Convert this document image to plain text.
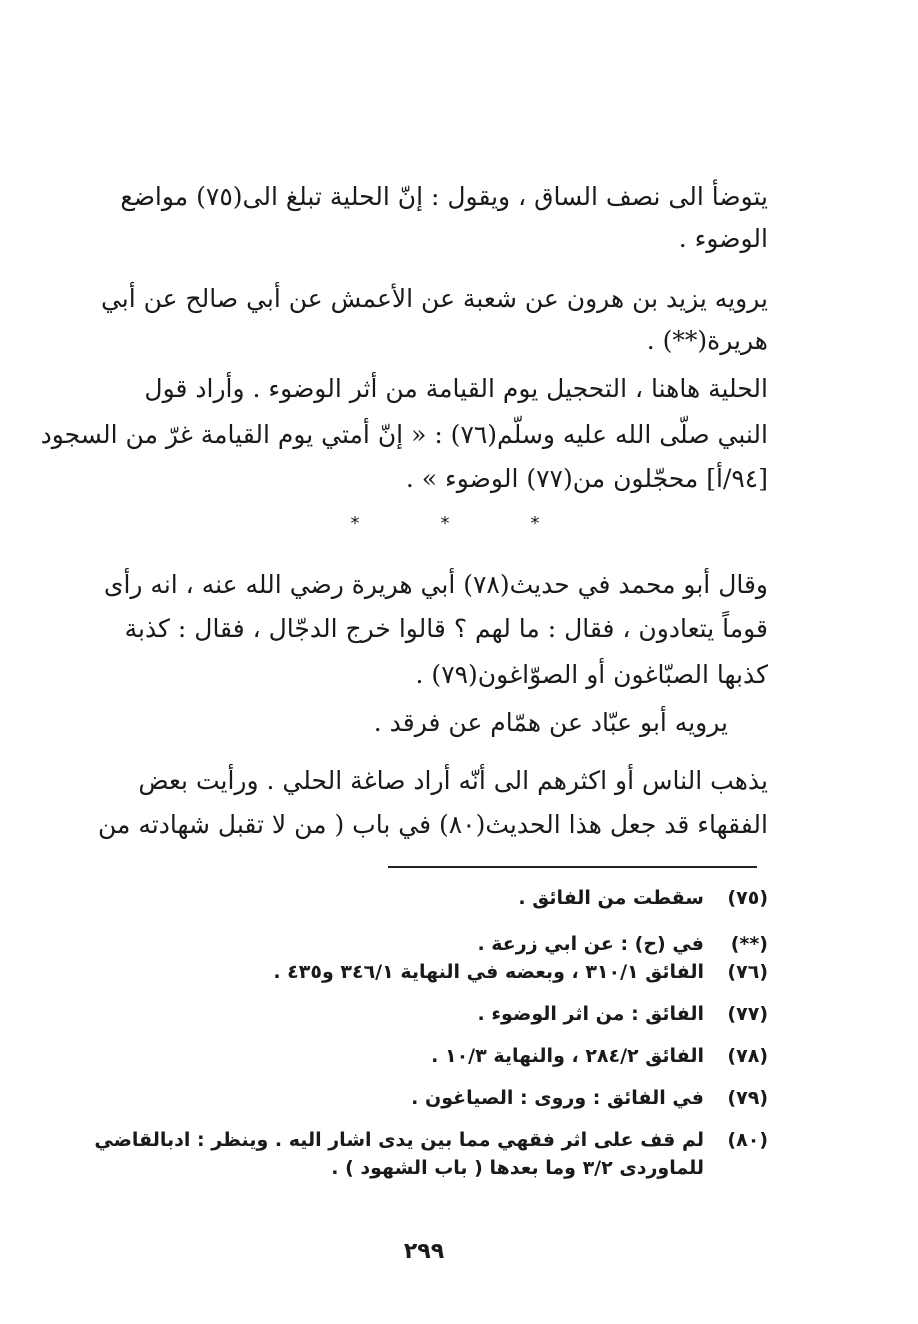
يتوضأ الى نصف الساق ، ويقول : إنّ الحلية تبلغ الى(٧٥) مواضع
الوضوء .
يرويه يزيد بن هرون عن شعبة عن الأعمش عن أبي صالح عن أبي
هريرة(**) .
الحلية هاهنا ، التحجيل يوم القيامة من أثر الوضوء . وأراد قول
النبي صلّى الله عليه وسلّم(٧٦) : « إنّ أمتي يوم القيامة غرّ من السجود
[٩٤/أ] محجّلون من(٧٧) الوضوء » .
*	*	*
وقال أبو محمد في حديث(٧٨) أبي هريرة رضي الله عنه ، انه رأى
قوماً يتعادون ، فقال : ما لهم ؟ قالوا خرج الدجّال ، فقال : كذبة
كذبها الصبّاغون أو الصوّاغون(٧٩) .
يرويه أبو عبّاد عن همّام عن فرقد .
يذهب الناس أو اكثرهم الى أنّه أراد صاغة الحلي . ورأيت بعض
الفقهاء قد جعل هذا الحديث(٨٠) في باب ( من لا تقبل شهادته من
(٧٥)
سقطت من الفائق .
(**)
في (ح) : عن ابي زرعة .
(٧٦)
الفائق ٣١٠/١ ، وبعضه في النهاية ٣٤٦/١ و٤٣٥ .
(٧٧)
الفائق : من اثر الوضوء .
(٧٨)
الفائق ٢٨٤/٢ ، والنهاية ١٠/٣ .
(٧٩)
في الفائق : وروى : الصياغون .
(٨٠)
لم قف على اثر فقهي مما بين يدى اشار اليه . وينظر : ادبالقاضي
للماوردى ٣/٢ وما بعدها ( باب الشهود ) .
٢٩٩
